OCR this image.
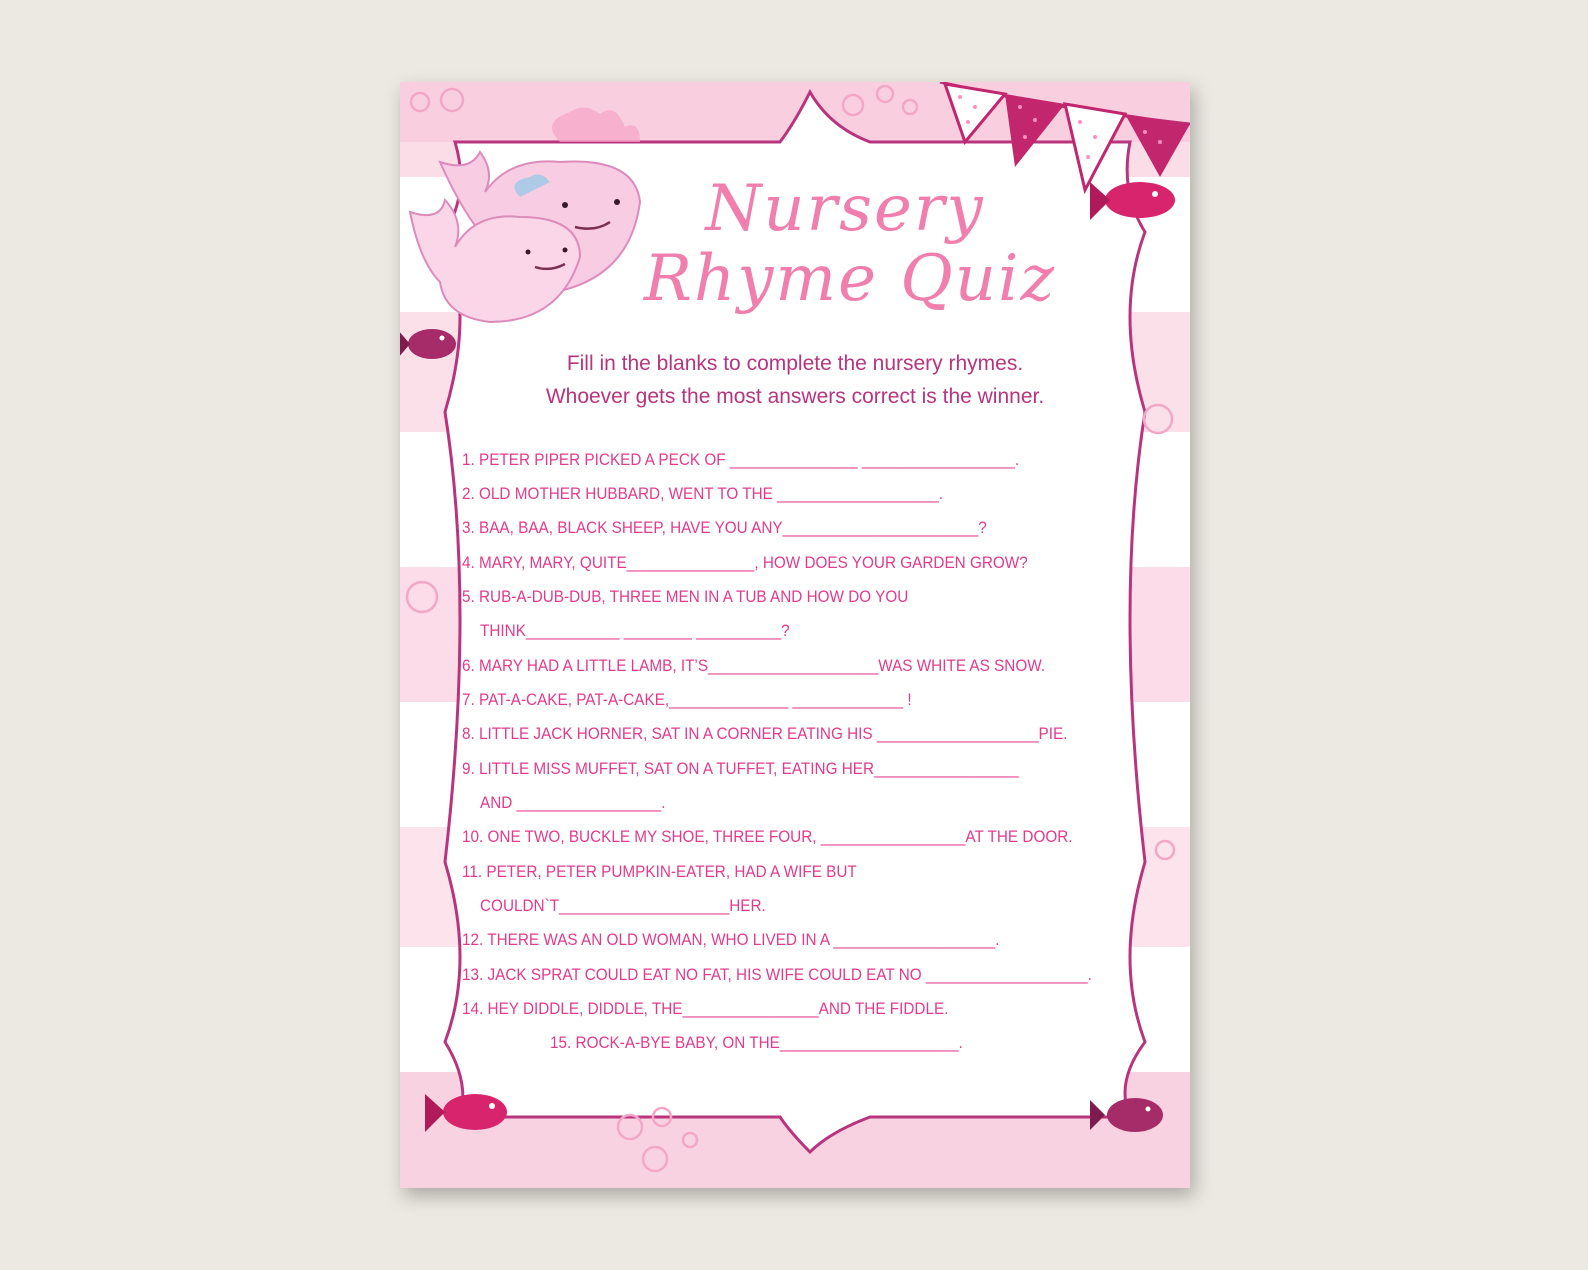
Nursery
Rhyme Quiz
Fill in the blanks to complete the nursery rhymes.
Whoever gets the most answers correct is the winner.
1. PETER PIPER PICKED A PECK OF _______________ __________________.
2. OLD MOTHER HUBBARD, WENT TO THE ___________________.
3. BAA, BAA, BLACK SHEEP, HAVE YOU ANY_______________________?
4. MARY, MARY, QUITE_______________, HOW DOES YOUR GARDEN GROW?
5. RUB-A-DUB-DUB, THREE MEN IN A TUB AND HOW DO YOU
THINK___________ ________ __________?
6. MARY HAD A LITTLE LAMB, IT’S____________________WAS WHITE AS SNOW.
7. PAT-A-CAKE, PAT-A-CAKE,______________ _____________ !
8. LITTLE JACK HORNER, SAT IN A CORNER EATING HIS ___________________PIE.
9. LITTLE MISS MUFFET, SAT ON A TUFFET, EATING HER_________________
AND _________________.
10. ONE TWO, BUCKLE MY SHOE, THREE FOUR, _________________AT THE DOOR.
11. PETER, PETER PUMPKIN-EATER, HAD A WIFE BUT
COULDN`T____________________HER.
12. THERE WAS AN OLD WOMAN, WHO LIVED IN A ___________________.
13. JACK SPRAT COULD EAT NO FAT, HIS WIFE COULD EAT NO ___________________.
14. HEY DIDDLE, DIDDLE, THE________________AND THE FIDDLE.
15. ROCK-A-BYE BABY, ON THE_____________________.
